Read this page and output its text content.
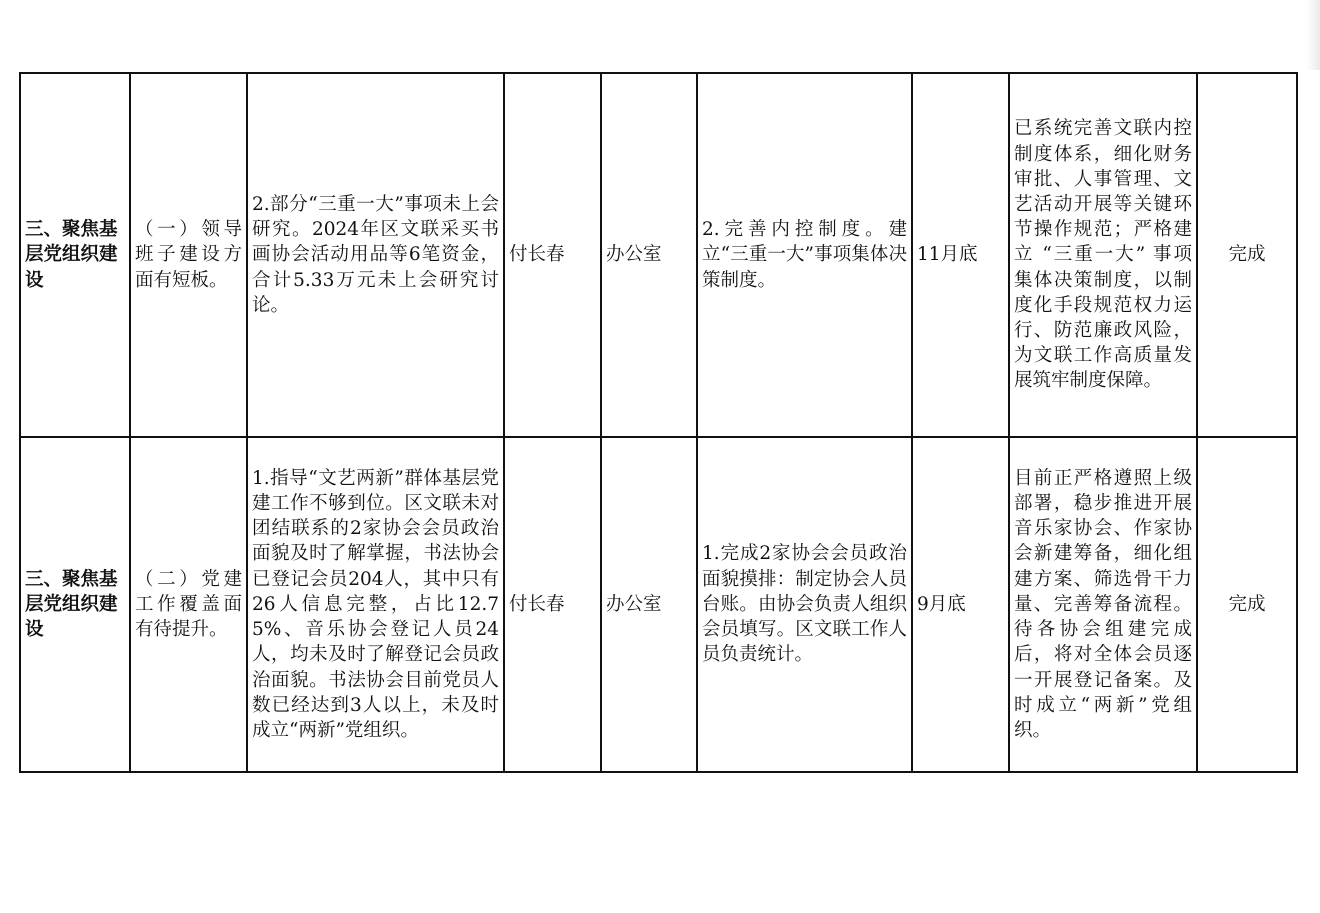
三、聚焦基层党组织建设	（一）领导班子建设方面有短板。	2.部分“三重一大”事项未上会研究。2024年区文联采买书画协会活动用品等6笔资金，合计5.33万元未上会研究讨论。	付长春	办公室	2.完善内控制度。建立“三重一大”事项集体决策制度。	11月底	已系统完善文联内控制度体系，细化财务审批、人事管理、文艺活动开展等关键环节操作规范；严格建立 “三重一大” 事项集体决策制度，以制度化手段规范权力运行、防范廉政风险，为文联工作高质量发展筑牢制度保障。	完成
三、聚焦基层党组织建设	（二）党建工作覆盖面有待提升。	1.指导“文艺两新”群体基层党建工作不够到位。区文联未对团结联系的2家协会会员政治面貌及时了解掌握，书法协会已登记会员204人，其中只有26人信息完整，占比12.75%、音乐协会登记人员24人，均未及时了解登记会员政治面貌。书法协会目前党员人数已经达到3人以上，未及时成立“两新”党组织。	付长春	办公室	1.完成2家协会会员政治面貌摸排：制定协会人员台账。由协会负责人组织会员填写。区文联工作人员负责统计。	9月底	目前正严格遵照上级部署，稳步推进开展音乐家协会、作家协会新建筹备，细化组建方案、筛选骨干力量、完善筹备流程。待各协会组建完成后，将对全体会员逐一开展登记备案。及时成立“两新”党组织。	完成
